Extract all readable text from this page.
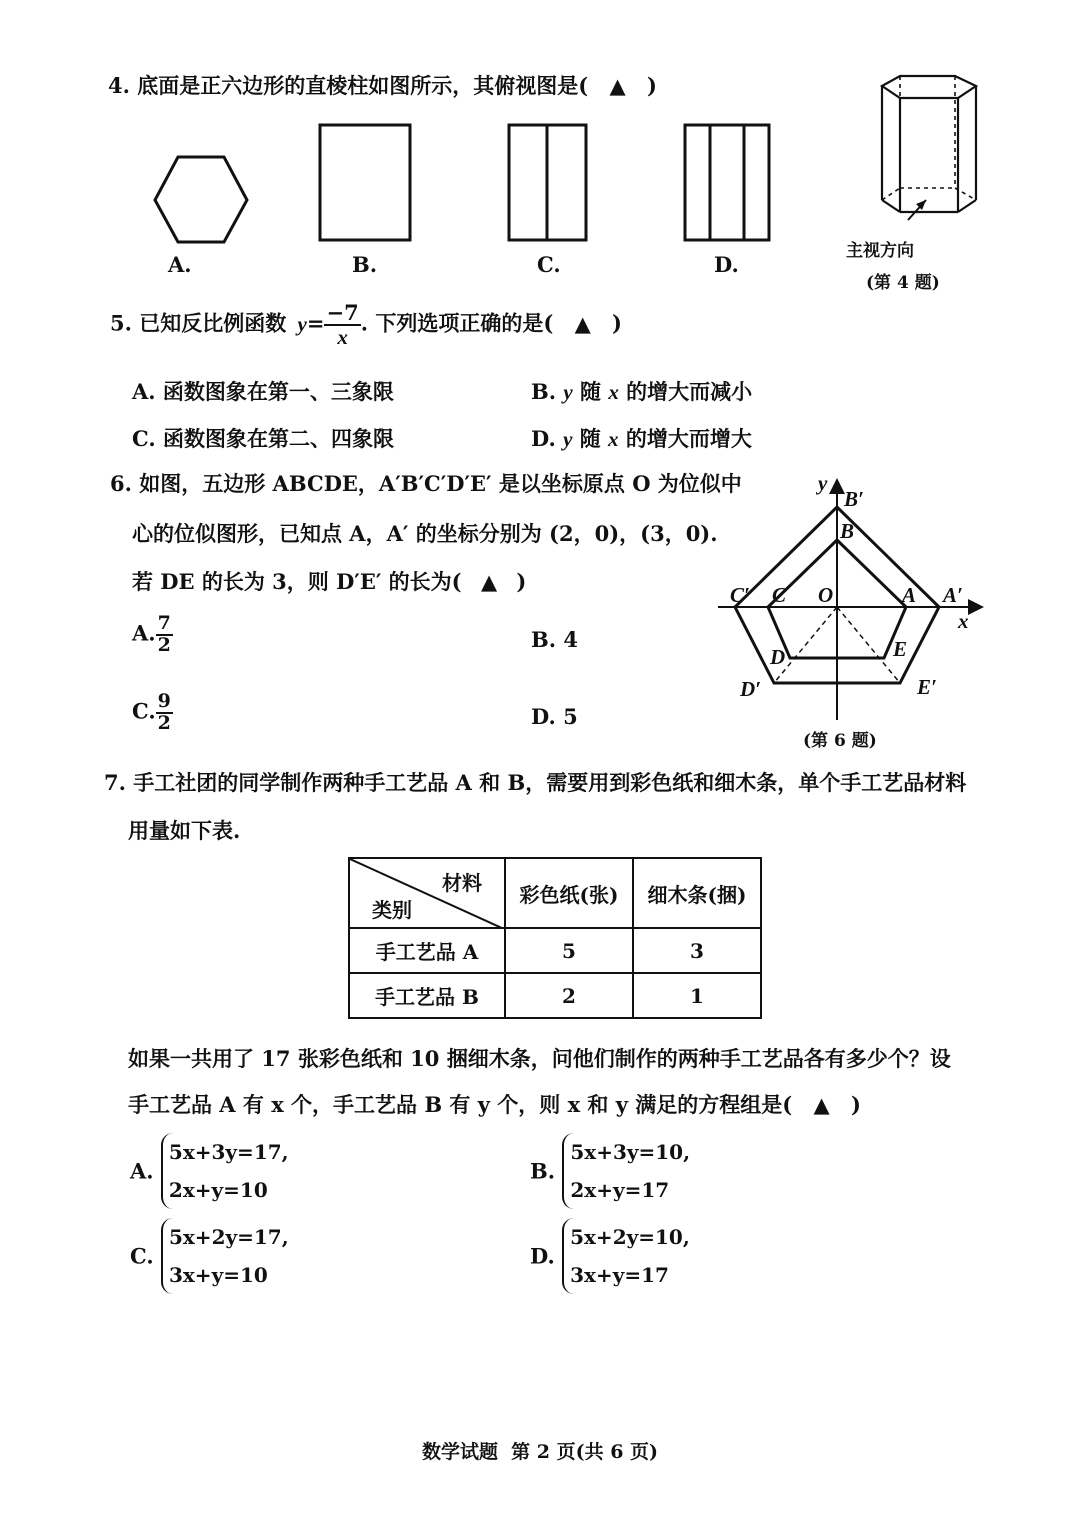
4. 底面是正六边形的直棱柱如图所示，其俯视图是( ▲ )
A.	B.	C.	D.
主视方向
(第 4 题)
5. 已知反比例函数 $y= \frac{-7}{x}$ . 下列选项正确的是( ▲ )
A. 函数图象在第一、三象限	B. y 随 x 的增大而减小
C. 函数图象在第二、四象限	D. y 随 x 的增大而增大
6. 如图，五边形 ABCDE，A′B′C′D′E′ 是以坐标原点 O 为位似中
心的位似图形，已知点 A，A′ 的坐标分别为 (2，0)，(3，0).
若 DE 的长为 3，则 D′E′ 的长为( ▲ )
A. $\frac{7}{2}$	B. 4
C. $\frac{9}{2}$	D. 5
y
x
O	A A′
B
B′
C
C′
D
D′
E
E′
(第 6 题)
7. 手工社团的同学制作两种手工艺品 A 和 B，需要用到彩色纸和细木条，单个手工艺品材料
用量如下表.
材料
类别	彩色纸(张)	细木条(捆)
手工艺品 A	5	3
手工艺品 B	2	1
如果一共用了 17 张彩色纸和 10 捆细木条，问他们制作的两种手工艺品各有多少个？设
手工艺品 A 有 x 个，手工艺品 B 有 y 个，则 x 和 y 满足的方程组是( ▲ )
A. 5x+3y=17,
2x+y=10
B. 5x+3y=10,
2x+y=17
C. 5x+2y=17,
3x+y=10
D. 5x+2y=10,
3x+y=17
数学试题  第 2 页(共 6 页)
